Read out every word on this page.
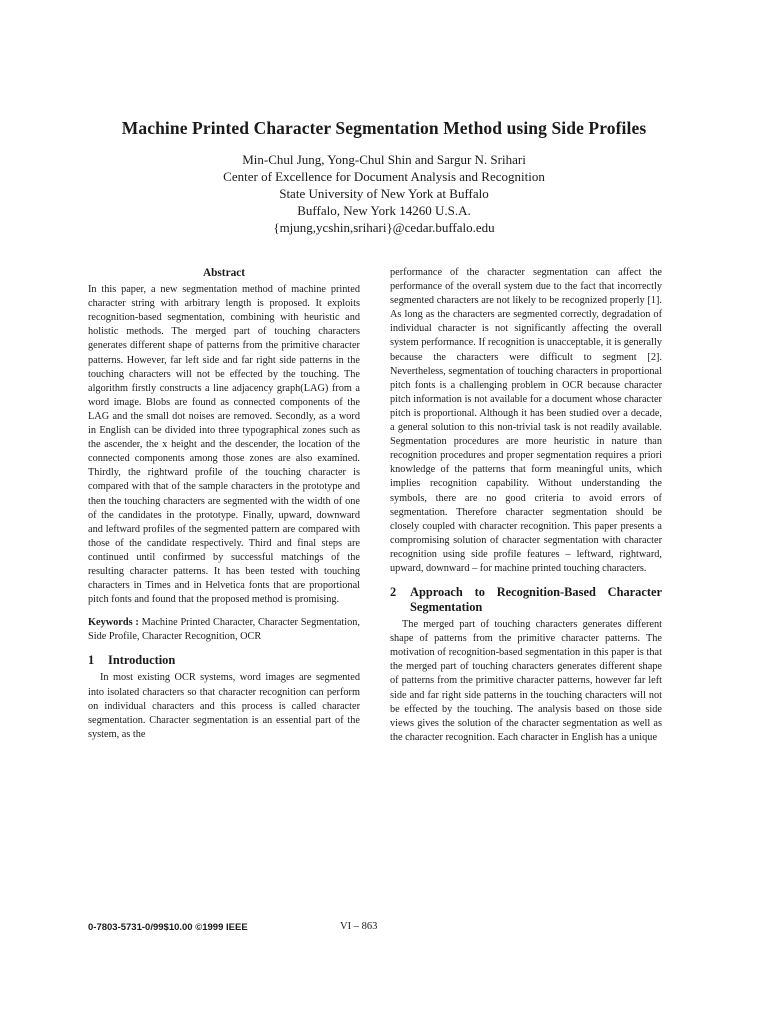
Machine Printed Character Segmentation Method using Side Profiles
Min-Chul Jung, Yong-Chul Shin and Sargur N. Srihari
Center of Excellence for Document Analysis and Recognition
State University of New York at Buffalo
Buffalo, New York 14260 U.S.A.
{mjung,ycshin,srihari}@cedar.buffalo.edu
Abstract

In this paper, a new segmentation method of machine printed character string with arbitrary length is proposed. It exploits recognition-based segmentation, combining with heuristic and holistic methods. The merged part of touching characters generates different shape of patterns from the primitive character patterns. However, far left side and far right side patterns in the touching characters will not be effected by the touching. The algorithm firstly constructs a line adjacency graph(LAG) from a word image. Blobs are found as connected components of the LAG and the small dot noises are removed. Secondly, as a word in English can be divided into three typographical zones such as the ascender, the x height and the descender, the location of the connected components among those zones are also examined. Thirdly, the rightward profile of the touching character is compared with that of the sample characters in the prototype and then the touching characters are segmented with the width of one of the candidates in the prototype. Finally, upward, downward and leftward profiles of the segmented pattern are compared with those of the candidate respectively. Third and final steps are continued until confirmed by successful matchings of the resulting character patterns. It has been tested with touching characters in Times and in Helvetica fonts that are proportional pitch fonts and found that the proposed method is promising.

Keywords : Machine Printed Character, Character Segmentation, Side Profile, Character Recognition, OCR

1	Introduction

In most existing OCR systems, word images are segmented into isolated characters so that character recognition can perform on individual characters and this process is called character segmentation. Character segmentation is an essential part of the system, as the

performance of the character segmentation can affect the performance of the overall system due to the fact that incorrectly segmented characters are not likely to be recognized properly [1]. As long as the characters are segmented correctly, degradation of individual character is not significantly affecting the overall system performance. If recognition is unacceptable, it is generally because the characters were difficult to segment [2]. Nevertheless, segmentation of touching characters in proportional pitch fonts is a challenging problem in OCR because character pitch information is not available for a document whose character pitch is proportional. Although it has been studied over a decade, a general solution to this non-trivial task is not readily available. Segmentation procedures are more heuristic in nature than recognition procedures and proper segmentation requires a priori knowledge of the patterns that form meaningful units, which implies recognition capability. Without understanding the symbols, there are no good criteria to avoid errors of segmentation. Therefore character segmentation should be closely coupled with character recognition. This paper presents a compromising solution of character segmentation with character recognition using side profile features – leftward, rightward, upward, downward – for machine printed touching characters.

2	Approach to Recognition-Based Character Segmentation

The merged part of touching characters generates different shape of patterns from the primitive character patterns. The motivation of recognition-based segmentation in this paper is that the merged part of touching characters generates different shape of patterns from the primitive character patterns, however far left side and far right side patterns in the touching characters will not be effected by the touching. The analysis based on those side views gives the solution of the character segmentation as well as the character recognition. Each character in English has a unique

0-7803-5731-0/99$10.00 ©1999 IEEE	VI – 863
